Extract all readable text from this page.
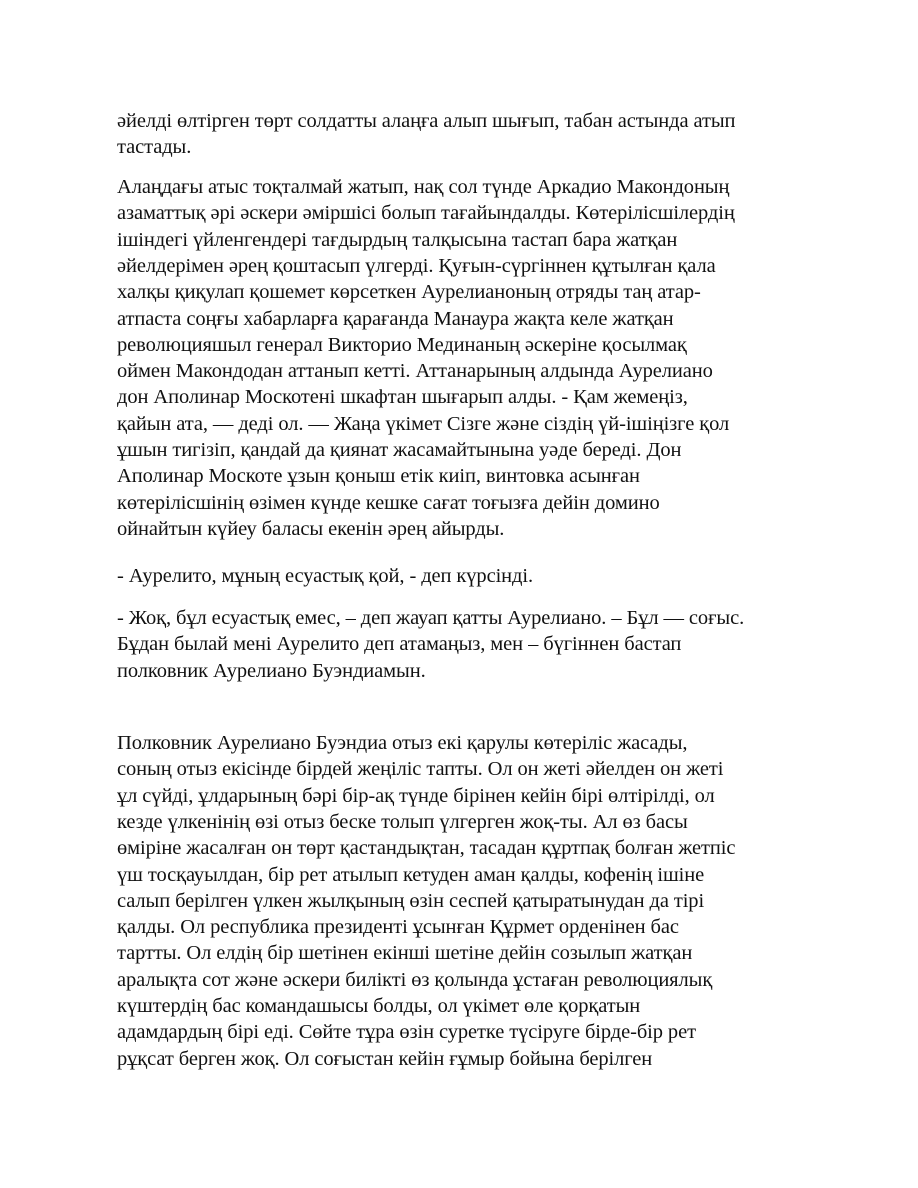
әйелді өлтірген төрт солдатты алаңға алып шығып, табан астында атып
тастады.
Алаңдағы атыс тоқталмай жатып, нақ сол түнде Аркадио Макондоның
азаматтық әрі әскери әміршісі болып тағайындалды. Көтерілісшілердің
ішіндегі үйленгендері тағдырдың талқысына тастап бара жатқан
әйелдерімен әрең қоштасып үлгерді. Қуғын-сүргіннен құтылған қала
халқы қиқулап қошемет көрсеткен Аурелианоның отряды таң атар-
атпаста соңғы хабарларға қарағанда Манаура жақта келе жатқан
революцияшыл генерал Викторио Мединаның әскеріне қосылмақ
оймен Макондодан аттанып кетті. Аттанарының алдында Аурелиано
дон Аполинар Москотені шкафтан шығарып алды. - Қам жемеңіз,
қайын ата, — деді ол. — Жаңа үкімет Сізге және сіздің үй-ішіңізге қол
ұшын тигізіп, қандай да қиянат жасамайтынына уәде береді. Дон
Аполинар Москоте ұзын қоныш етік киіп, винтовка асынған
көтерілісшінің өзімен күнде кешке сағат тоғызға дейін домино
ойнайтын күйеу баласы екенін әрең айырды.
- Аурелито, мұның есуастық қой, - деп күрсінді.
- Жоқ, бұл есуастық емес, – деп жауап қатты Аурелиано. – Бұл — соғыс.
Бұдан былай мені Аурелито деп атамаңыз, мен – бүгіннен бастап
полковник Аурелиано Буэндиамын.
Полковник Аурелиано Буэндиа отыз екі қарулы көтеріліс жасады,
соның отыз екісінде бірдей жеңіліс тапты. Ол он жеті әйелден он жеті
ұл сүйді, ұлдарының бәрі бір-ақ түнде бірінен кейін бірі өлтірілді, ол
кезде үлкенінің өзі отыз беске толып үлгерген жоқ-ты. Ал өз басы
өміріне жасалған он төрт қастандықтан, тасадан құртпақ болған жетпіс
үш тосқауылдан, бір рет атылып кетуден аман қалды, кофенің ішіне
салып берілген үлкен жылқының өзін сеспей қатыратынудан да тірі
қалды. Ол республика президенті ұсынған Құрмет орденінен бас
тартты. Ол елдің бір шетінен екінші шетіне дейін созылып жатқан
аралықта сот және әскери билікті өз қолында ұстаған революциялық
күштердің бас командашысы болды, ол үкімет өле қорқатын
адамдардың бірі еді. Сөйте тұра өзін суретке түсіруге бірде-бір рет
рұқсат берген жоқ. Ол соғыстан кейін ғұмыр бойына берілген
